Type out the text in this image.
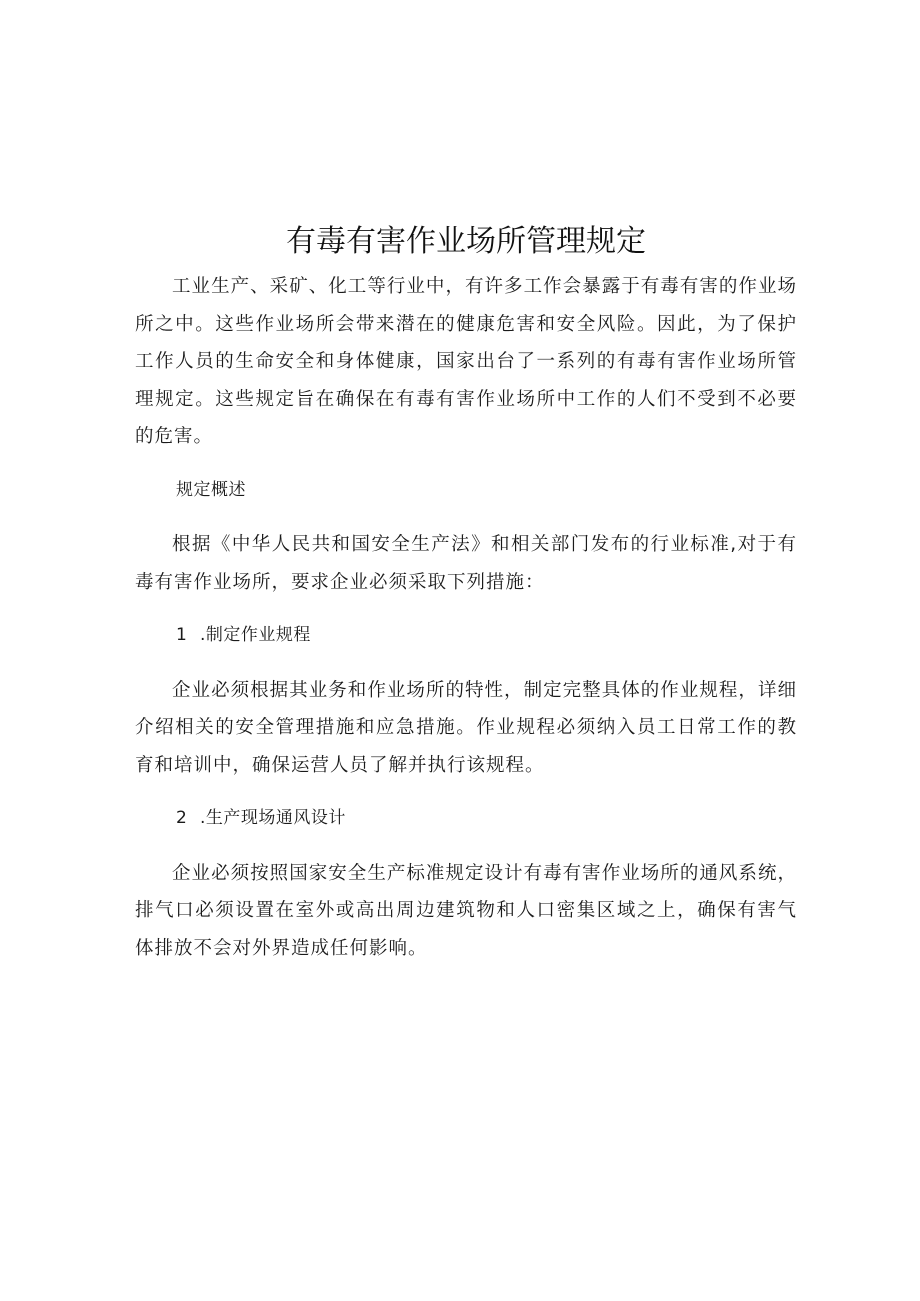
有毒有害作业场所管理规定

工业生产、采矿、化工等行业中，有许多工作会暴露于有毒有害的作业场所之中。这些作业场所会带来潜在的健康危害和安全风险。因此，为了保护工作人员的生命安全和身体健康，国家出台了一系列的有毒有害作业场所管理规定。这些规定旨在确保在有毒有害作业场所中工作的人们不受到不必要的危害。

规定概述

根据《中华人民共和国安全生产法》和相关部门发布的行业标准,对于有毒有害作业场所，要求企业必须采取下列措施：

1 .制定作业规程

企业必须根据其业务和作业场所的特性，制定完整具体的作业规程，详细介绍相关的安全管理措施和应急措施。作业规程必须纳入员工日常工作的教育和培训中，确保运营人员了解并执行该规程。

2 .生产现场通风设计

企业必须按照国家安全生产标准规定设计有毒有害作业场所的通风系统，排气口必须设置在室外或高出周边建筑物和人口密集区域之上，确保有害气体排放不会对外界造成任何影响。
